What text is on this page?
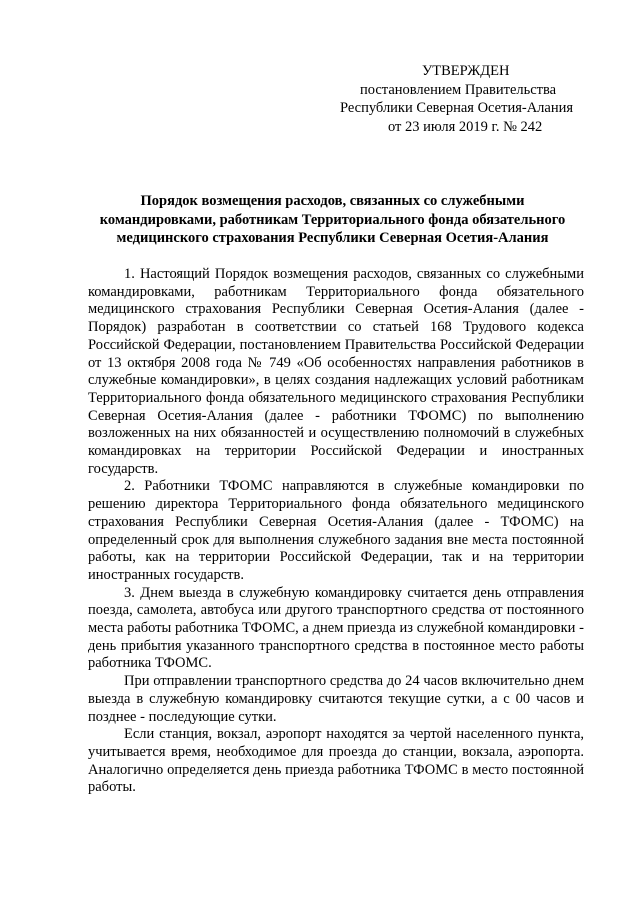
УТВЕРЖДЕН
постановлением Правительства
Республики Северная Осетия-Алания
от 23 июля 2019 г. № 242
Порядок возмещения расходов, связанных со служебными
командировками, работникам Территориального фонда обязательного
медицинского страхования Республики Северная Осетия-Алания

1. Настоящий Порядок возмещения расходов, связанных со служебными командировками, работникам Территориального фонда обязательного медицинского страхования Республики Северная Осетия-Алания (далее - Порядок) разработан в соответствии со статьей 168 Трудового кодекса Российской Федерации, постановлением Правительства Российской Федерации от 13 октября 2008 года № 749 «Об особенностях направления работников в служебные командировки», в целях создания надлежащих условий работникам Территориального фонда обязательного медицинского страхования Республики Северная Осетия-Алания (далее - работники ТФОМС) по выполнению возложенных на них обязанностей и осуществлению полномочий в служебных командировках на территории Российской Федерации и иностранных государств.

2. Работники ТФОМС направляются в служебные командировки по решению директора Территориального фонда обязательного медицинского страхования Республики Северная Осетия-Алания (далее - ТФОМС) на определенный срок для выполнения служебного задания вне места постоянной работы, как на территории Российской Федерации, так и на территории иностранных государств.

3. Днем выезда в служебную командировку считается день отправления поезда, самолета, автобуса или другого транспортного средства от постоянного места работы работника ТФОМС, а днем приезда из служебной командировки - день прибытия указанного транспортного средства в постоянное место работы работника ТФОМС.

При отправлении транспортного средства до 24 часов включительно днем выезда в служебную командировку считаются текущие сутки, а с 00 часов и позднее - последующие сутки.

Если станция, вокзал, аэропорт находятся за чертой населенного пункта, учитывается время, необходимое для проезда до станции, вокзала, аэропорта. Аналогично определяется день приезда работника ТФОМС в место постоянной работы.
